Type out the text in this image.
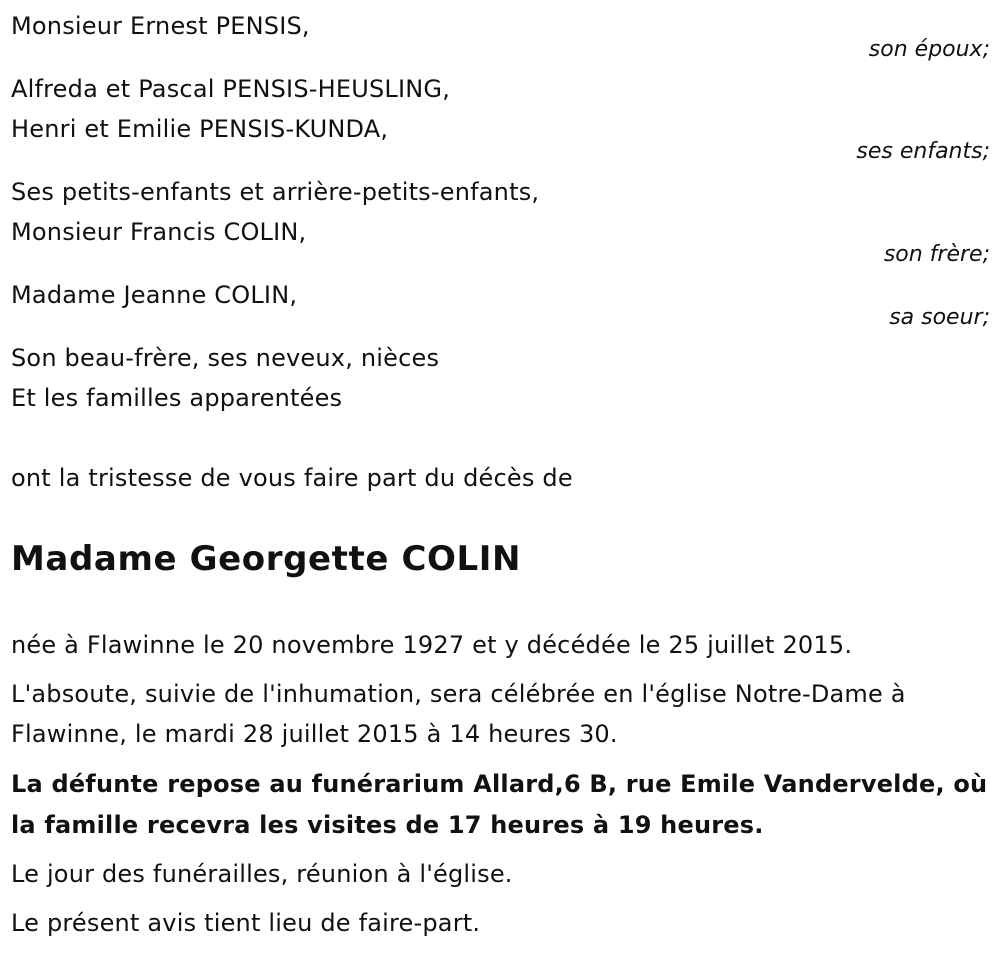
Monsieur Ernest PENSIS,
son époux;
Alfreda et Pascal PENSIS-HEUSLING,
Henri et Emilie PENSIS-KUNDA,
ses enfants;
Ses petits-enfants et arrière-petits-enfants,
Monsieur Francis COLIN,
son frère;
Madame Jeanne COLIN,
sa soeur;
Son beau-frère, ses neveux, nièces
Et les familles apparentées
ont la tristesse de vous faire part du décès de
Madame Georgette COLIN
née à Flawinne le 20 novembre 1927 et y décédée le 25 juillet 2015.
L'absoute, suivie de l'inhumation, sera célébrée en l'église Notre-Dame à
Flawinne, le mardi 28 juillet 2015 à 14 heures 30.
La défunte repose au funérarium Allard,6 B, rue Emile Vandervelde, où
la famille recevra les visites de 17 heures à 19 heures.
Le jour des funérailles, réunion à l'église.
Le présent avis tient lieu de faire-part.
